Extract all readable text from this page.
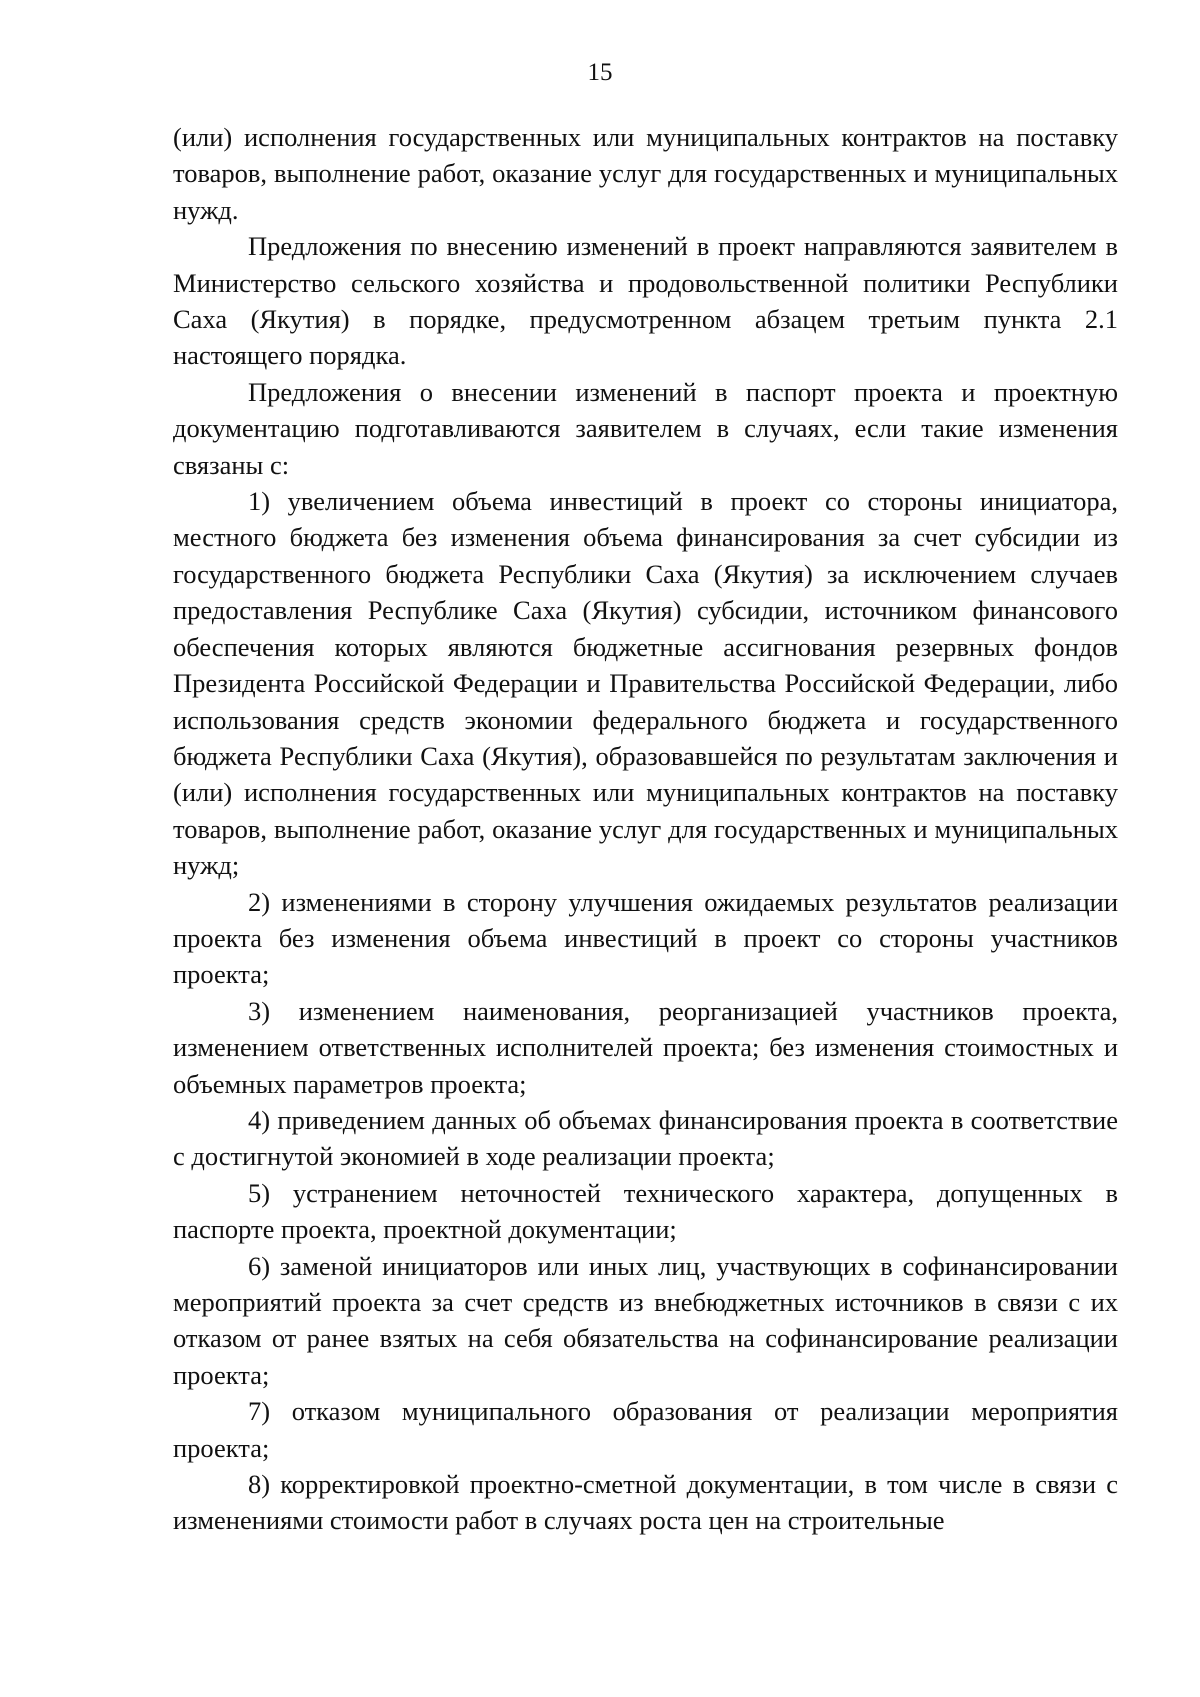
15

(или) исполнения государственных или муниципальных контрактов на поставку товаров, выполнение работ, оказание услуг для государственных и муниципальных нужд.

Предложения по внесению изменений в проект направляются заявителем в Министерство сельского хозяйства и продовольственной политики Республики Саха (Якутия) в порядке, предусмотренном абзацем третьим пункта 2.1 настоящего порядка.

Предложения о внесении изменений в паспорт проекта и проектную документацию подготавливаются заявителем в случаях, если такие изменения связаны с:

1) увеличением объема инвестиций в проект со стороны инициатора, местного бюджета без изменения объема финансирования за счет субсидии из государственного бюджета Республики Саха (Якутия) за исключением случаев предоставления Республике Саха (Якутия) субсидии, источником финансового обеспечения которых являются бюджетные ассигнования резервных фондов Президента Российской Федерации и Правительства Российской Федерации, либо использования средств экономии федерального бюджета и государственного бюджета Республики Саха (Якутия), образовавшейся по результатам заключения и (или) исполнения государственных или муниципальных контрактов на поставку товаров, выполнение работ, оказание услуг для государственных и муниципальных нужд;

2) изменениями в сторону улучшения ожидаемых результатов реализации проекта без изменения объема инвестиций в проект со стороны участников проекта;

3) изменением наименования, реорганизацией участников проекта, изменением ответственных исполнителей проекта; без изменения стоимостных и объемных параметров проекта;

4) приведением данных об объемах финансирования проекта в соответствие с достигнутой экономией в ходе реализации проекта;

5) устранением неточностей технического характера, допущенных в паспорте проекта, проектной документации;

6) заменой инициаторов или иных лиц, участвующих в софинансировании мероприятий проекта за счет средств из внебюджетных источников в связи с их отказом от ранее взятых на себя обязательства на софинансирование реализации проекта;

7) отказом муниципального образования от реализации мероприятия проекта;

8) корректировкой проектно-сметной документации, в том числе в связи с изменениями стоимости работ в случаях роста цен на строительные
